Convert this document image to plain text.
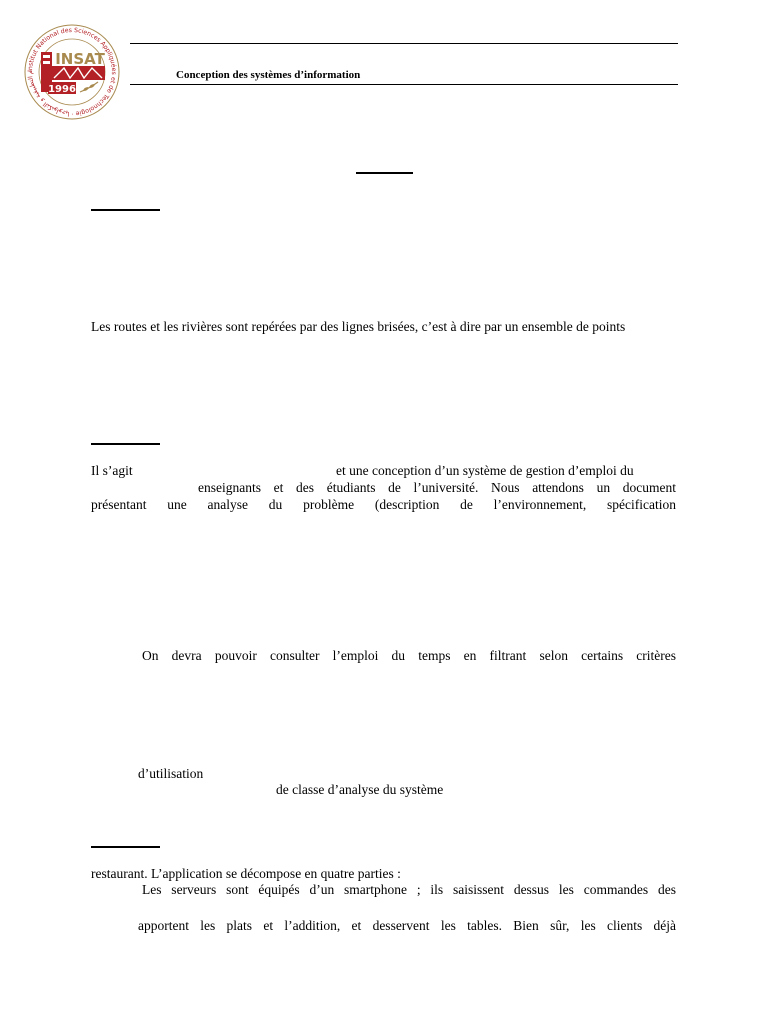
Institut National des Sciences Appliquées et de Technologie · م التطبيقية و التكنولوجيا
1996
INSAT
Conception des systèmes d’information
Les routes et les rivières sont repérées par des lignes brisées, c’est à dire par un ensemble de points
Il s’agit	et une conception d’un système de gestion d’emploi du
enseignants et des étudiants de l’université. Nous attendons un document
présentant une analyse du problème (description de l’environnement, spécification
On devra pouvoir consulter l’emploi du temps en filtrant selon certains critères
d’utilisation
de classe d’analyse du système
restaurant. L’application se décompose en quatre parties :
Les serveurs sont équipés d’un smartphone ; ils saisissent dessus les commandes des
apportent les plats et l’addition, et desservent les tables. Bien sûr, les clients déjà
